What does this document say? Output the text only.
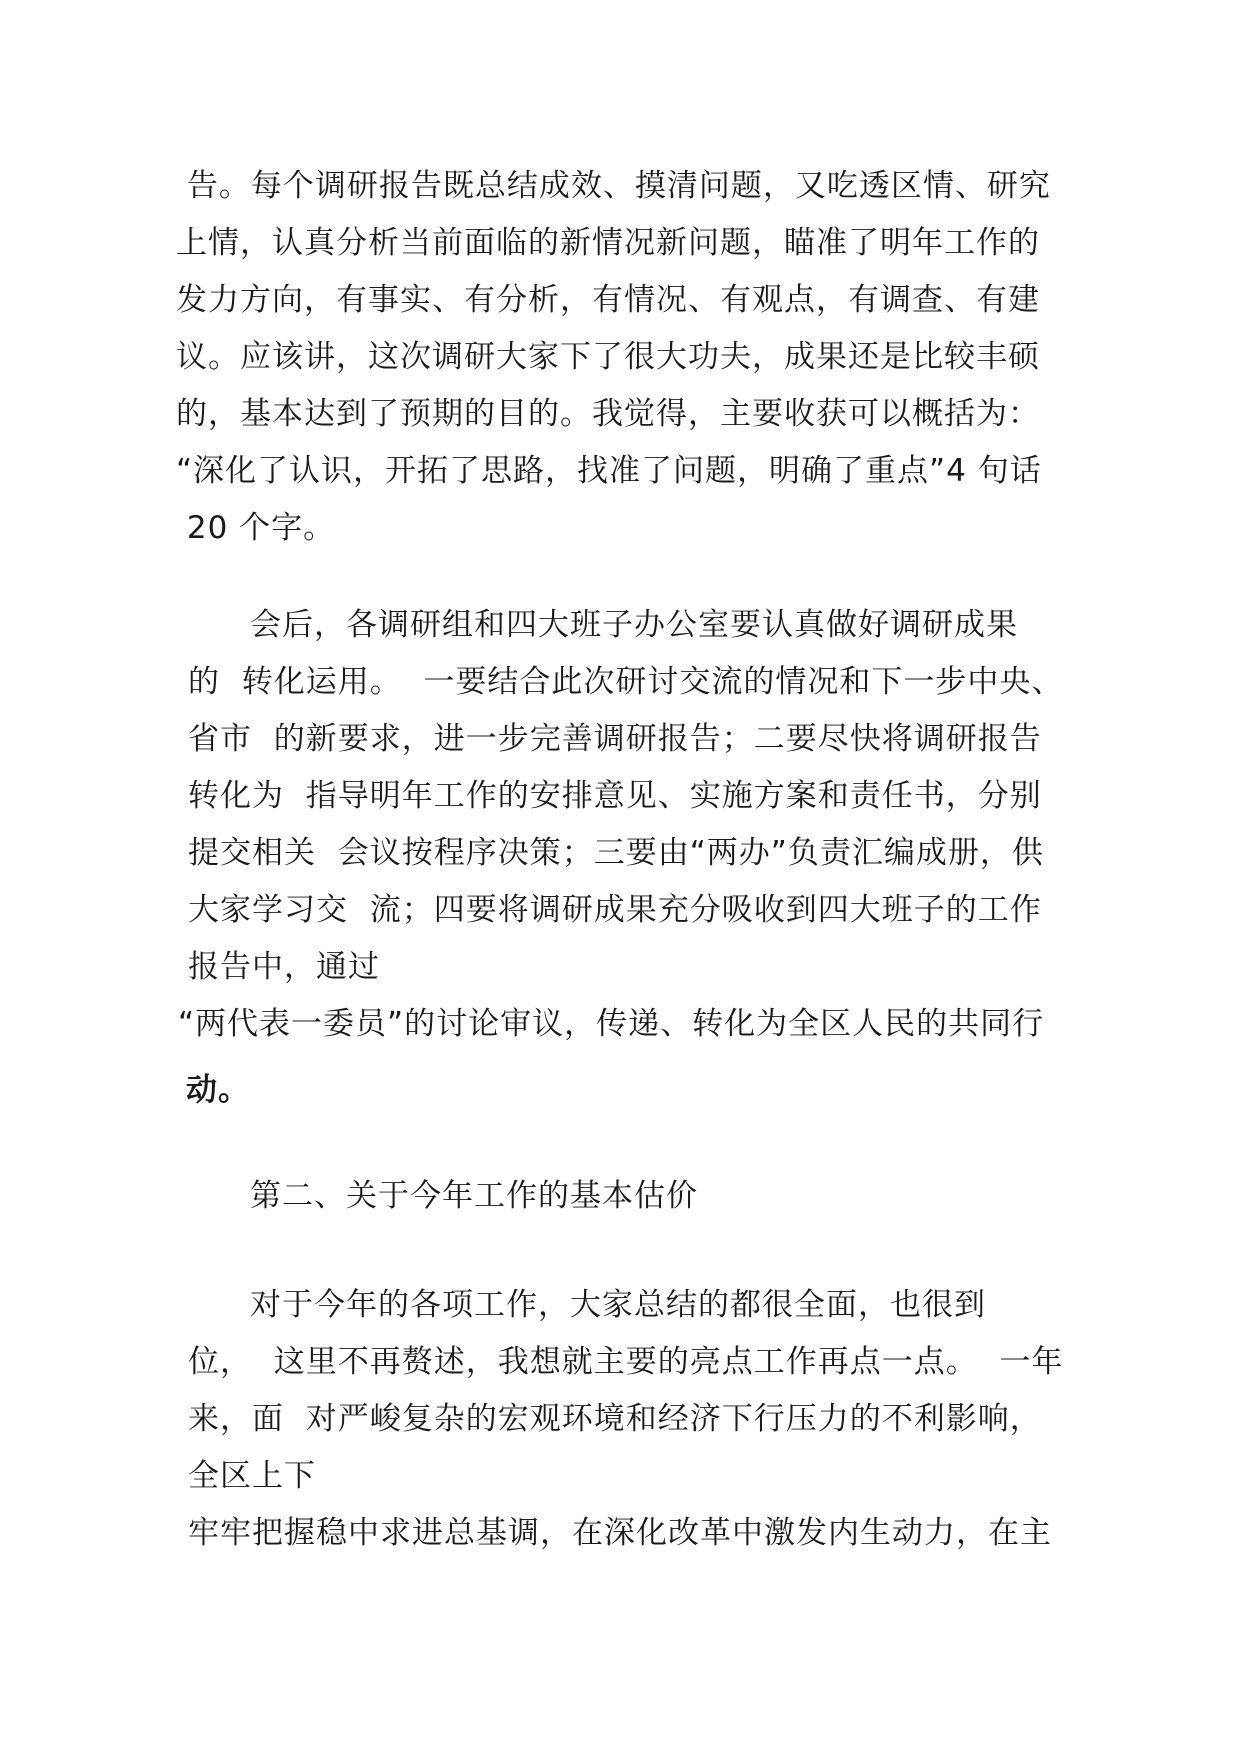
告。每个调研报告既总结成效、摸清问题，又吃透区情、研究
上情，认真分析当前面临的新情况新问题，瞄准了明年工作的
发力方向，有事实、有分析，有情况、有观点，有调查、有建
议。应该讲，这次调研大家下了很大功夫，成果还是比较丰硕
的，基本达到了预期的目的。我觉得，主要收获可以概括为：
“深化了认识，开拓了思路，找准了问题，明确了重点”4 句话
20 个字。
会后，各调研组和四大班子办公室要认真做好调研成果
的  转化运用。  一要结合此次研讨交流的情况和下一步中央、
省市  的新要求，进一步完善调研报告；二要尽快将调研报告
转化为  指导明年工作的安排意见、实施方案和责任书，分别
提交相关  会议按程序决策；三要由“两办”负责汇编成册，供
大家学习交  流；四要将调研成果充分吸收到四大班子的工作
报告中，通过
“两代表一委员”的讨论审议，传递、转化为全区人民的共同行
动。
第二、关于今年工作的基本估价
对于今年的各项工作，大家总结的都很全面，也很到
位，  这里不再赘述，我想就主要的亮点工作再点一点。  一年
来，面  对严峻复杂的宏观环境和经济下行压力的不利影响，
全区上下
牢牢把握稳中求进总基调，在深化改革中激发内生动力，在主
